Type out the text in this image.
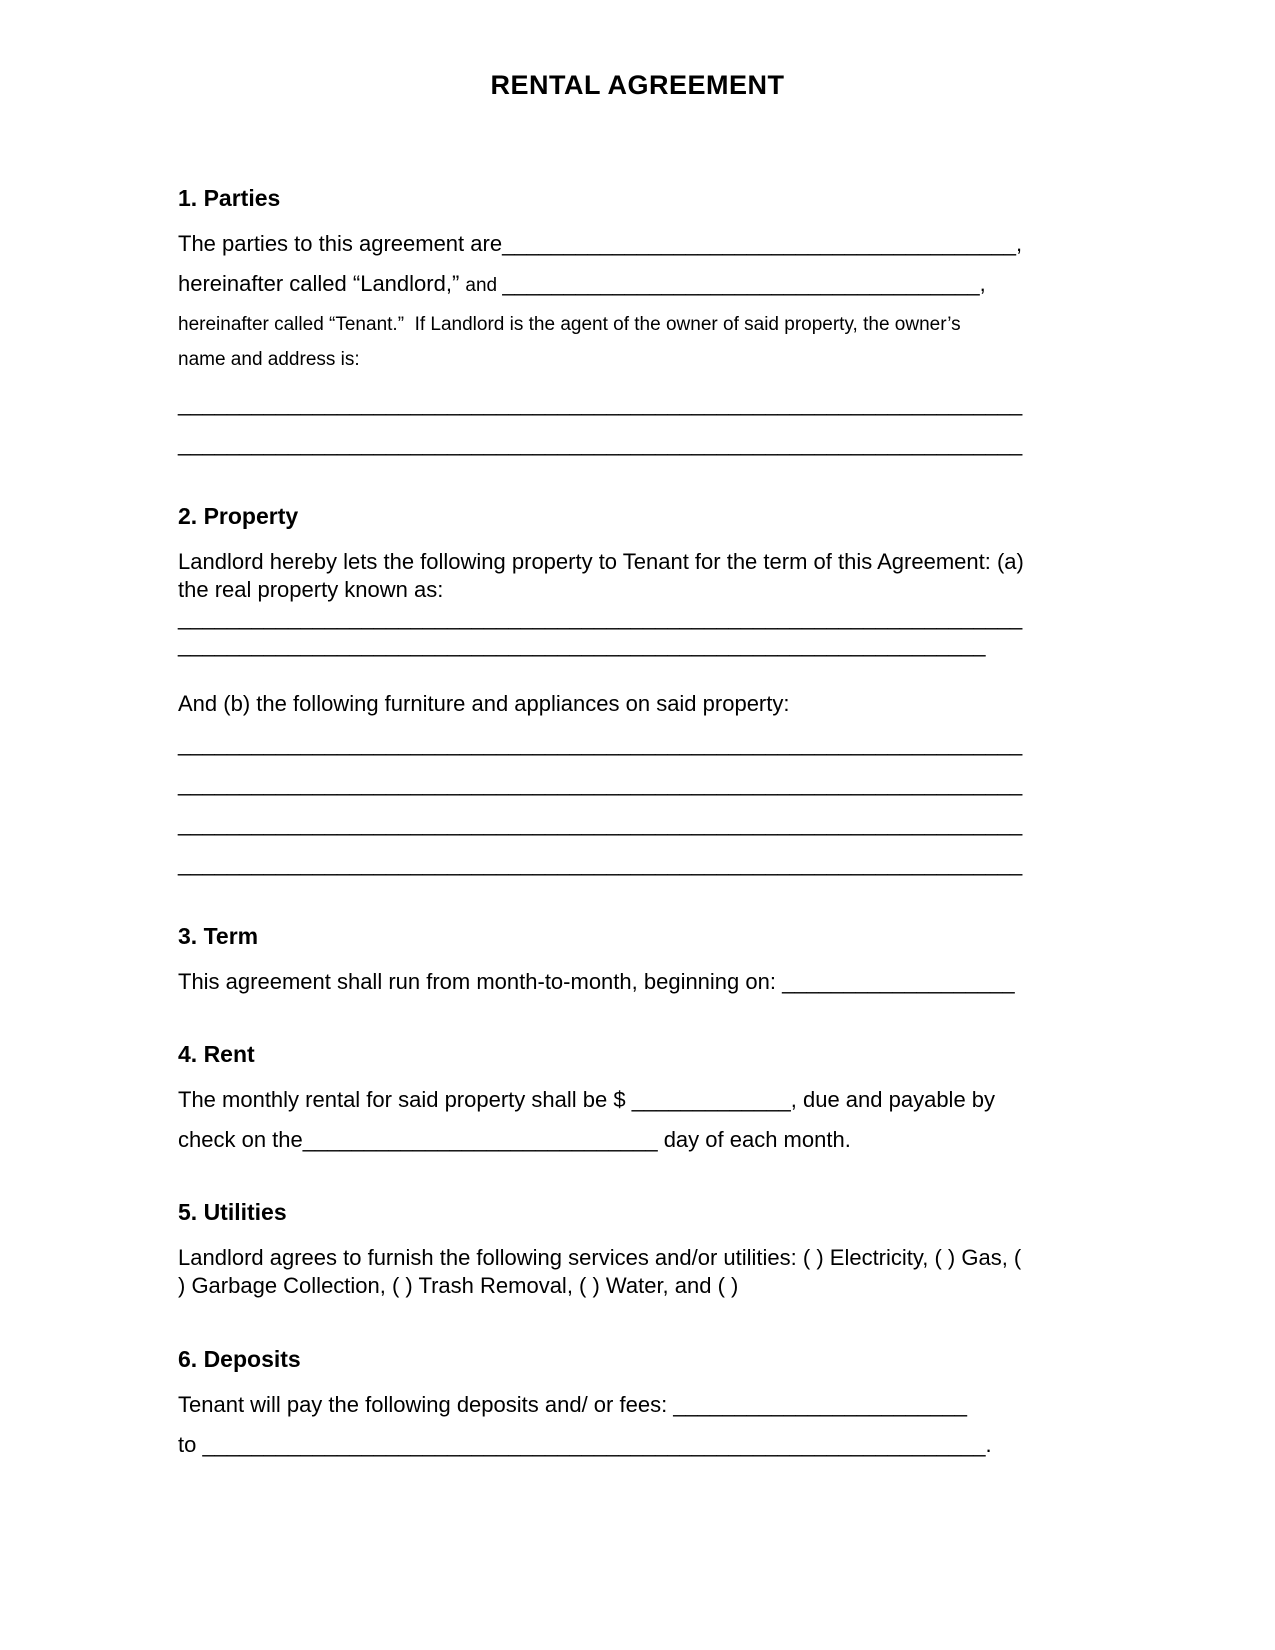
RENTAL AGREEMENT
1. Parties
The parties to this agreement are__________________________________________,
hereinafter called “Landlord,” and _______________________________________,
hereinafter called “Tenant.”  If Landlord is the agent of the owner of said property, the owner’s
name and address is:
_____________________________________________________________________
_____________________________________________________________________
2. Property
Landlord hereby lets the following property to Tenant for the term of this Agreement: (a) the real property known as:
_____________________________________________________________________
__________________________________________________________________
And (b) the following furniture and appliances on said property:
_____________________________________________________________________
_____________________________________________________________________
_____________________________________________________________________
_____________________________________________________________________
3. Term
This agreement shall run from month-to-month, beginning on: ___________________
4. Rent
The monthly rental for said property shall be $ _____________, due and payable by
check on the_____________________________ day of each month.
5. Utilities
Landlord agrees to furnish the following services and/or utilities: ( ) Electricity, ( ) Gas, ( ) Garbage Collection, ( ) Trash Removal, ( ) Water, and ( )
6. Deposits
Tenant will pay the following deposits and/ or fees: ________________________
to ________________________________________________________________.
